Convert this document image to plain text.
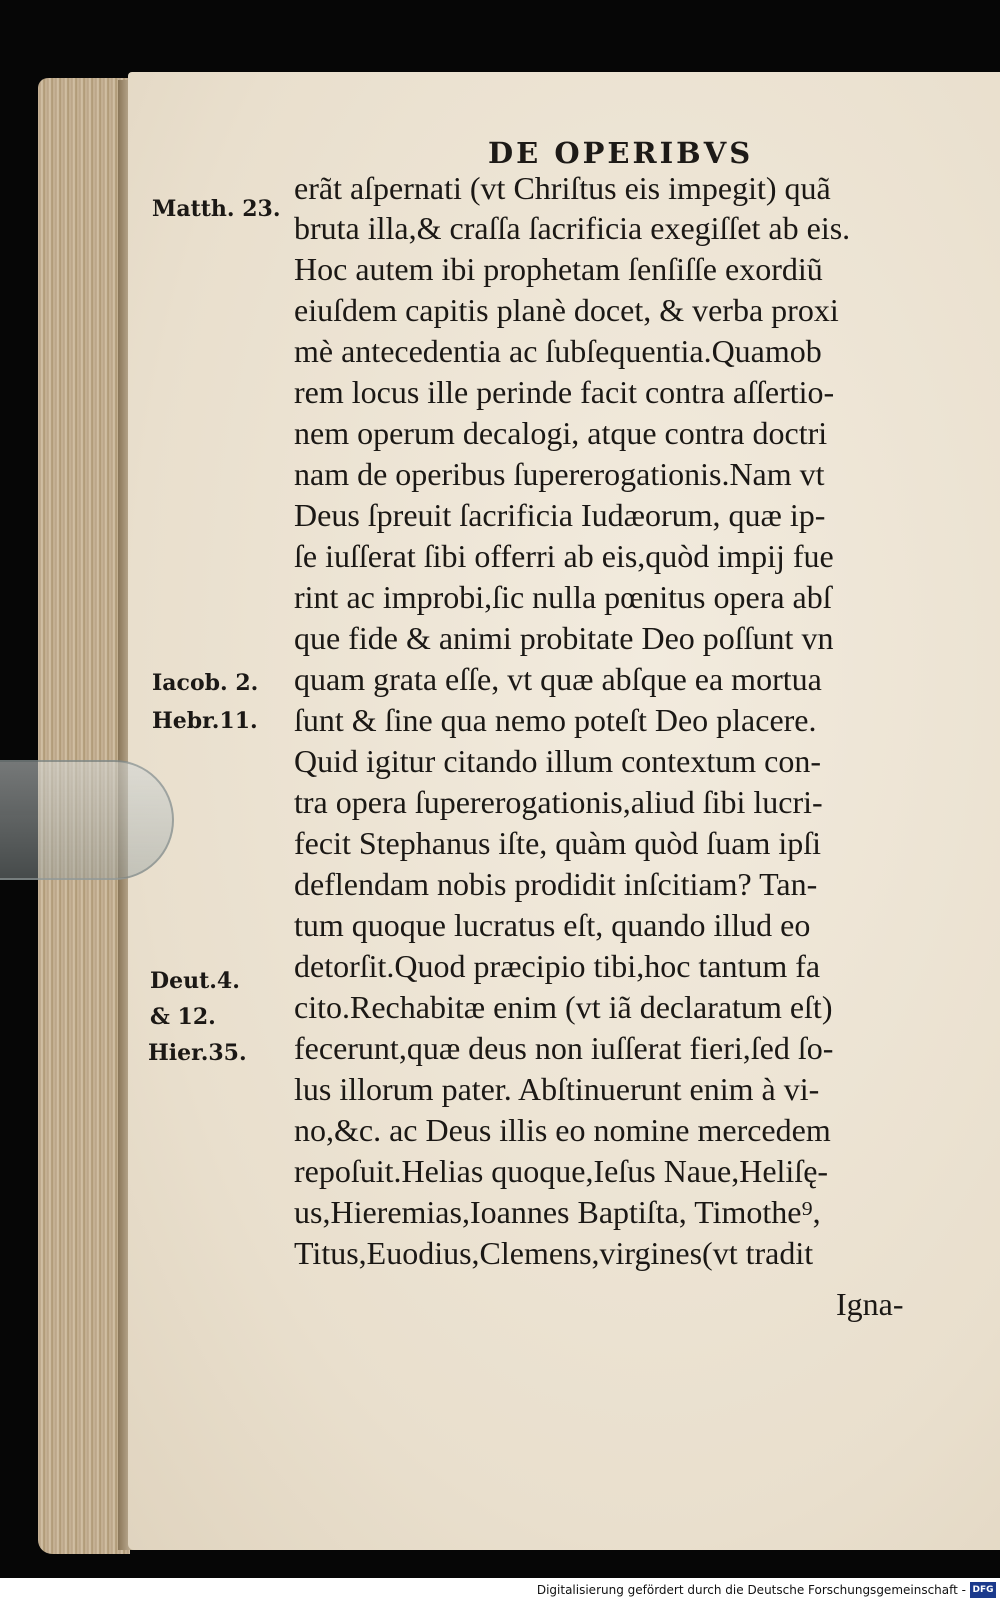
DE OPERIBVS
Matth. 23.
Iacob. 2.
Hebr.11.
Deut.4.
& 12.
Hier.35.
erãt aſpernati (vt Chriſtus eis impegit) quã
bruta illa,& craſſa ſacrificia exegiſſet ab eis.
Hoc autem ibi prophetam ſenſiſſe exordiũ
eiuſdem capitis planè docet, & verba proxi
mè antecedentia ac ſubſequentia.Quamob
rem locus ille perinde facit contra aſſertio-
nem operum decalogi, atque contra doctri
nam de operibus ſupererogationis.Nam vt
Deus ſpreuit ſacrificia Iudæorum, quæ ip-
ſe iuſſerat ſibi offerri ab eis,quòd impij fue
rint ac improbi,ſic nulla pœnitus opera abſ
que fide & animi probitate Deo poſſunt vn
quam grata eſſe, vt quæ abſque ea mortua
ſunt & ſine qua nemo poteſt Deo placere.
Quid igitur citando illum contextum con-
tra opera ſupererogationis,aliud ſibi lucri-
fecit Stephanus iſte, quàm quòd ſuam ipſi
deflendam nobis prodidit inſcitiam? Tan-
tum quoque lucratus eſt, quando illud eo
detorſit.Quod præcipio tibi,hoc tantum fa
cito.Rechabitæ enim (vt iã declaratum eſt)
fecerunt,quæ deus non iuſſerat fieri,ſed ſo-
lus illorum pater. Abſtinuerunt enim à vi-
no,&c. ac Deus illis eo nomine mercedem
repoſuit.Helias quoque,Ieſus Naue,Heliſę-
us,Hieremias,Ioannes Baptiſta, Timothe⁹,
Titus,Euodius,Clemens,virgines(vt tradit
Igna-
Digitalisierung gefördert durch die Deutsche Forschungsgemeinschaft - DFG
